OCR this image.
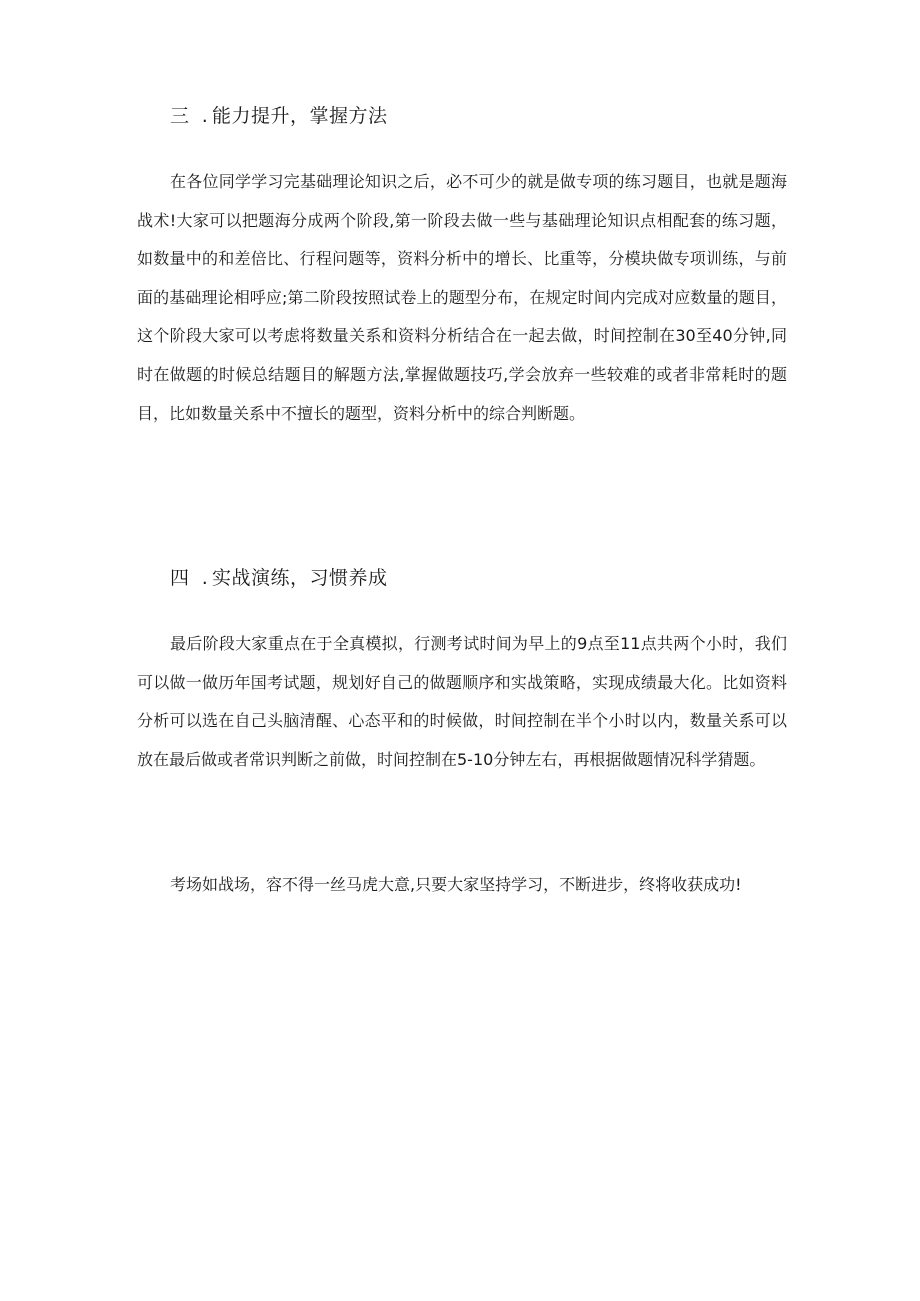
三 . 能力提升，掌握方法

在各位同学学习完基础理论知识之后，必不可少的就是做专项的练习题目，也就是题海战术!大家可以把题海分成两个阶段,第一阶段去做一些与基础理论知识点相配套的练习题，如数量中的和差倍比、行程问题等，资料分析中的增长、比重等，分模块做专项训练，与前面的基础理论相呼应;第二阶段按照试卷上的题型分布，在规定时间内完成对应数量的题目，这个阶段大家可以考虑将数量关系和资料分析结合在一起去做，时间控制在30至40分钟,同时在做题的时候总结题目的解题方法,掌握做题技巧,学会放弃一些较难的或者非常耗时的题目，比如数量关系中不擅长的题型，资料分析中的综合判断题。

四 . 实战演练，习惯养成

最后阶段大家重点在于全真模拟，行测考试时间为早上的9点至11点共两个小时，我们可以做一做历年国考试题，规划好自己的做题顺序和实战策略，实现成绩最大化。比如资料分析可以选在自己头脑清醒、心态平和的时候做，时间控制在半个小时以内，数量关系可以放在最后做或者常识判断之前做，时间控制在5-10分钟左右，再根据做题情况科学猜题。

考场如战场，容不得一丝马虎大意,只要大家坚持学习，不断进步，终将收获成功!
